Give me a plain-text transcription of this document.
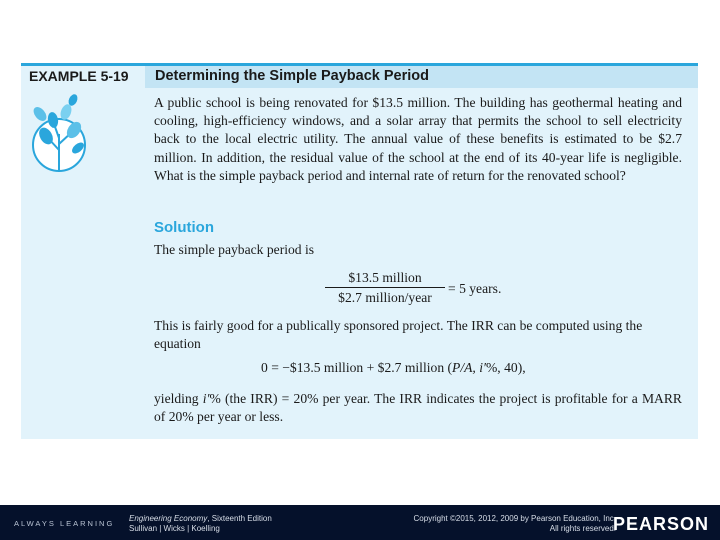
EXAMPLE 5-19	Determining the Simple Payback Period
A public school is being renovated for $13.5 million. The building has geothermal heating and cooling, high-efficiency windows, and a solar array that permits the school to sell electricity back to the local electric utility. The annual value of these benefits is estimated to be $2.7 million. In addition, the residual value of the school at the end of its 40-year life is negligible. What is the simple payback period and internal rate of return for the renovated school?
Solution
The simple payback period is
$13.5 million
$2.7 million/year
= 5 years.
This is fairly good for a publically sponsored project. The IRR can be computed using the equation
0 = −$13.5 million + $2.7 million (P/A, i′%, 40),
yielding i′% (the IRR) = 20% per year. The IRR indicates the project is profitable for a MARR of 20% per year or less.
ALWAYS LEARNING
Engineering Economy, Sixteenth Edition
Sullivan | Wicks | Koelling
Copyright ©2015, 2012, 2009 by Pearson Education, Inc.
All rights reserved.
PEARSON
